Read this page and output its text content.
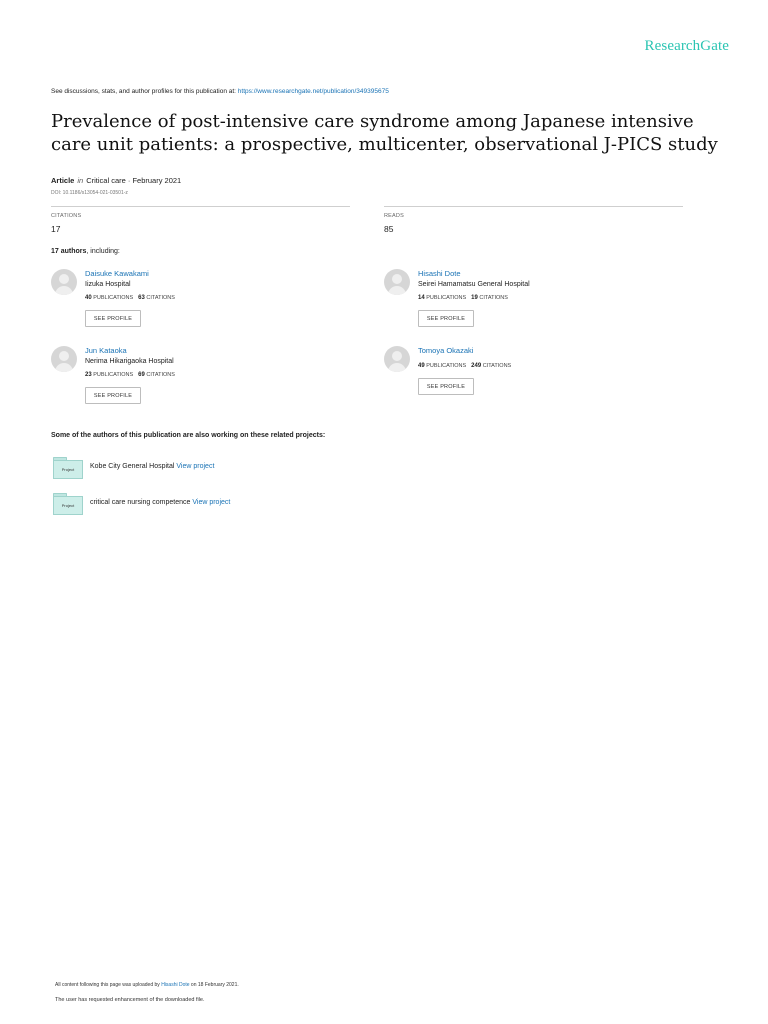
ResearchGate
See discussions, stats, and author profiles for this publication at: https://www.researchgate.net/publication/349395675
Prevalence of post-intensive care syndrome among Japanese intensive care unit patients: a prospective, multicenter, observational J-PICS study
Article in Critical care · February 2021
DOI: 10.1186/s13054-021-03501-z
CITATIONS
17
READS
85
17 authors, including:
Daisuke Kawakami
Iizuka Hospital
40 PUBLICATIONS 63 CITATIONS
SEE PROFILE
Hisashi Dote
Seirei Hamamatsu General Hospital
14 PUBLICATIONS 19 CITATIONS
SEE PROFILE
Jun Kataoka
Nerima Hikarigaoka Hospital
23 PUBLICATIONS 69 CITATIONS
SEE PROFILE
Tomoya Okazaki
49 PUBLICATIONS 249 CITATIONS
SEE PROFILE
Some of the authors of this publication are also working on these related projects:
Project	Kobe City General Hospital View project
Project	critical care nursing competence View project
All content following this page was uploaded by Hisashi Dote on 18 February 2021.
The user has requested enhancement of the downloaded file.
